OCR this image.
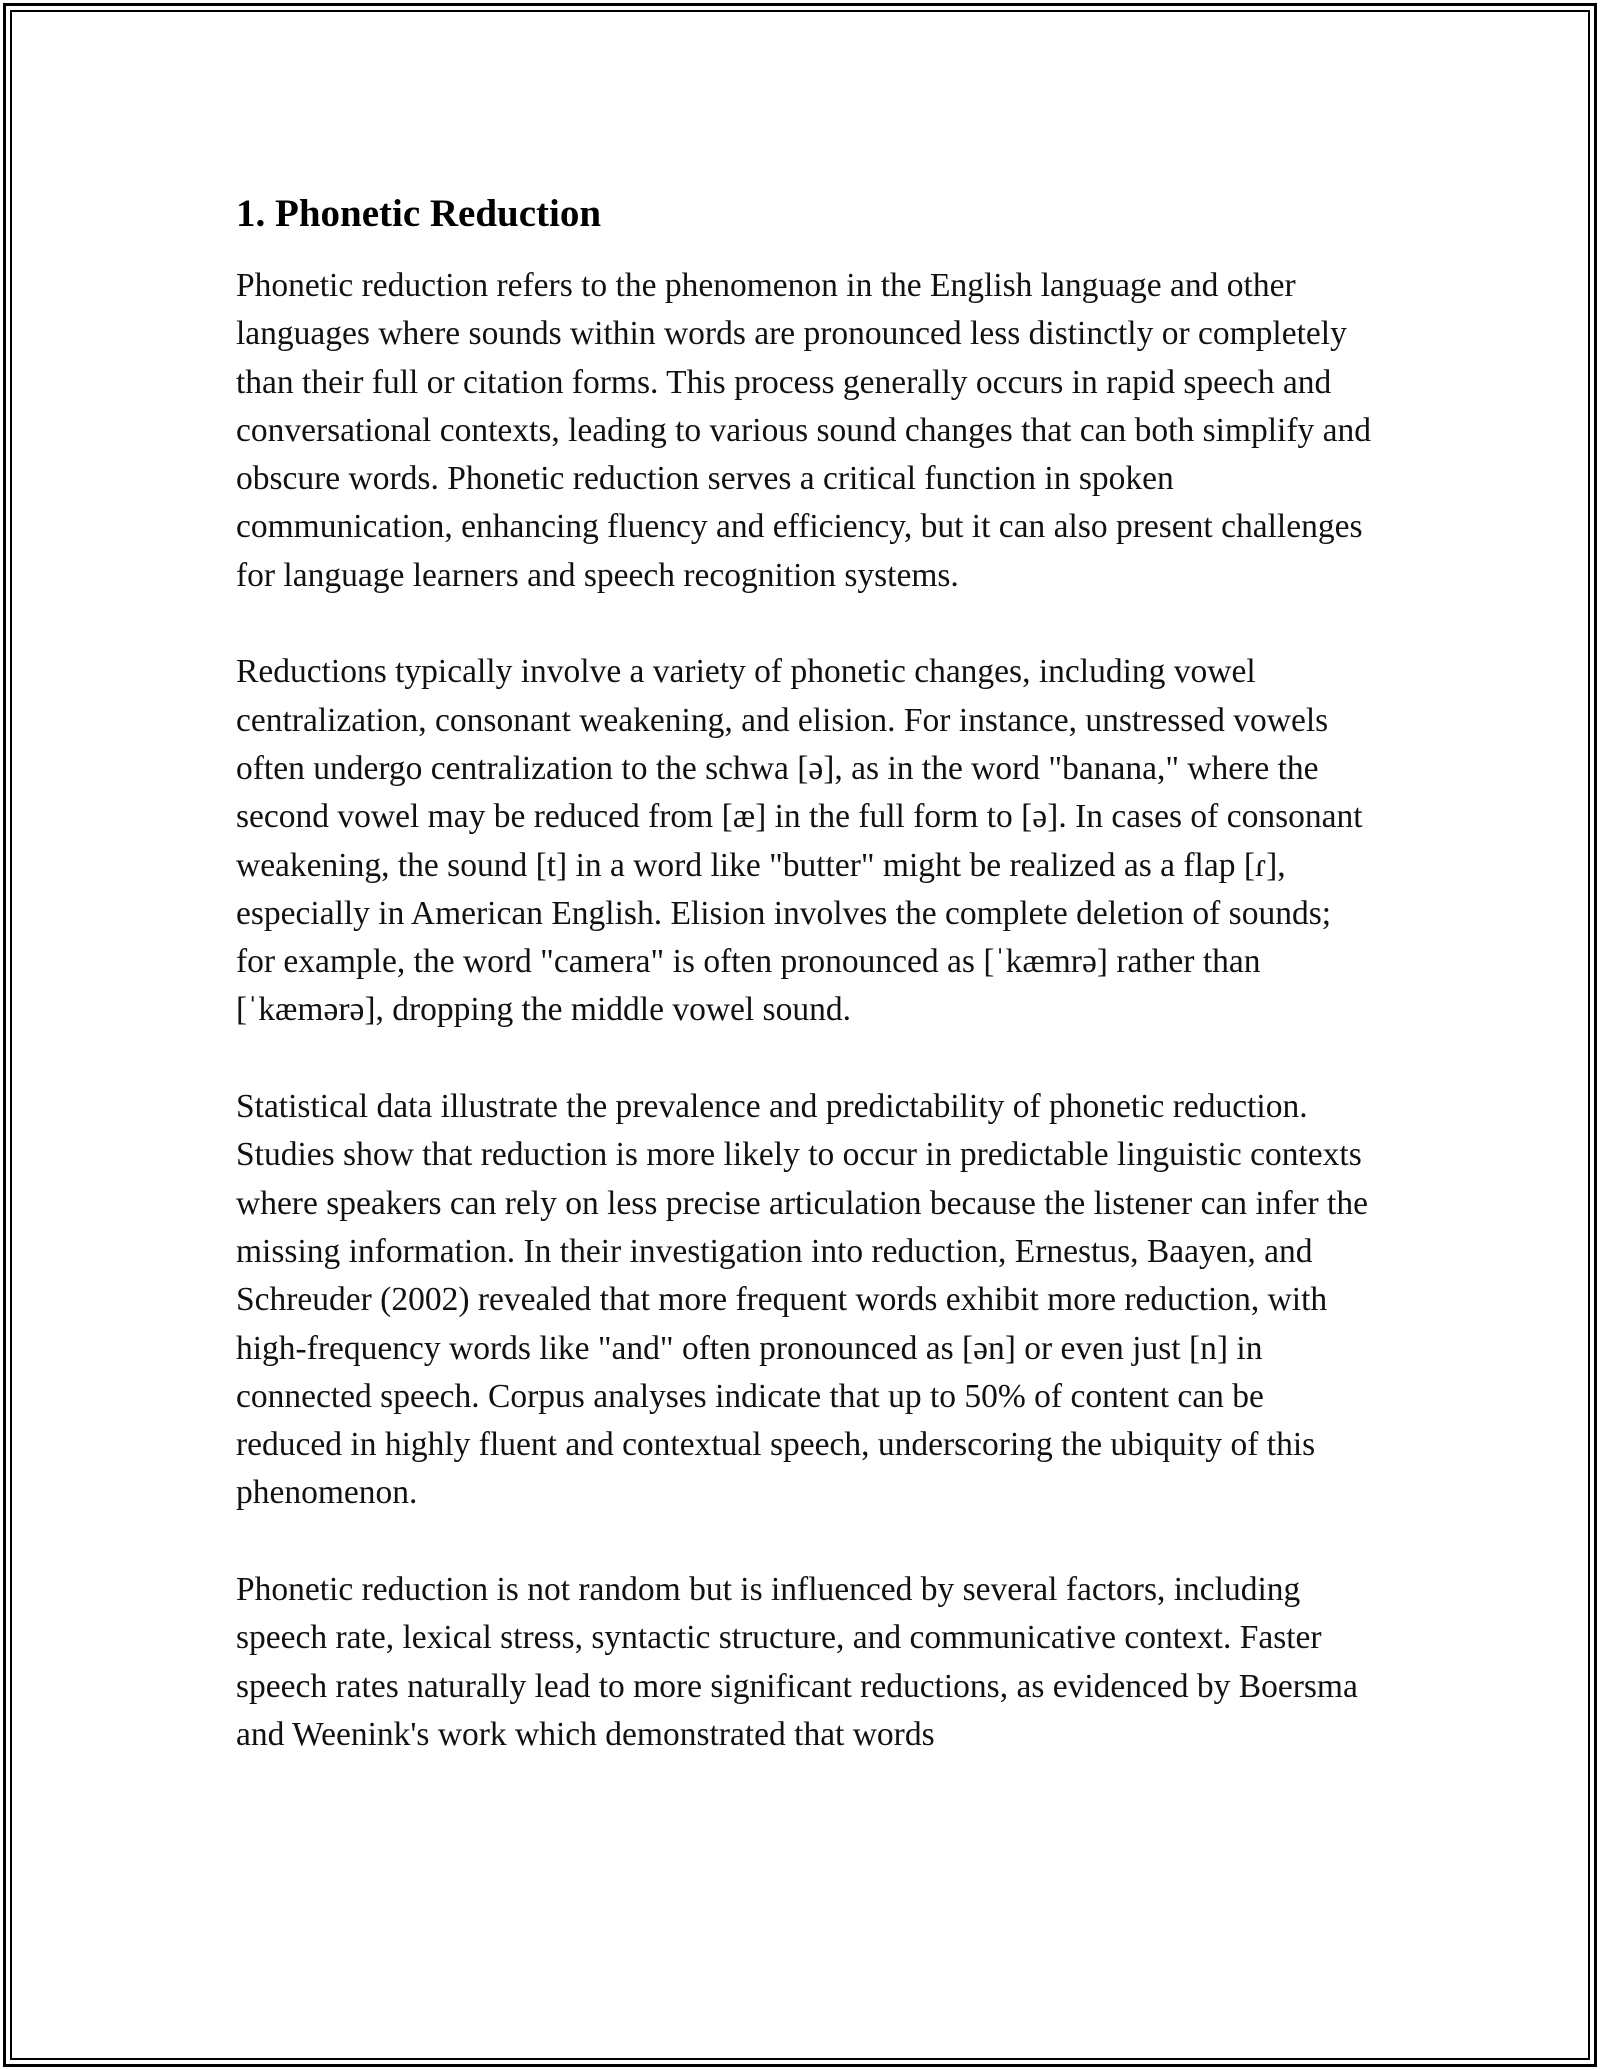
1. Phonetic Reduction

Phonetic reduction refers to the phenomenon in the English language and other languages where sounds within words are pronounced less distinctly or completely than their full or citation forms. This process generally occurs in rapid speech and conversational contexts, leading to various sound changes that can both simplify and obscure words. Phonetic reduction serves a critical function in spoken communication, enhancing fluency and efficiency, but it can also present challenges for language learners and speech recognition systems.

Reductions typically involve a variety of phonetic changes, including vowel centralization, consonant weakening, and elision. For instance, unstressed vowels often undergo centralization to the schwa [ə], as in the word "banana," where the second vowel may be reduced from [æ] in the full form to [ə]. In cases of consonant weakening, the sound [t] in a word like "butter" might be realized as a flap [ɾ], especially in American English. Elision involves the complete deletion of sounds; for example, the word "camera" is often pronounced as [ˈkæmrə] rather than [ˈkæmərə], dropping the middle vowel sound.

Statistical data illustrate the prevalence and predictability of phonetic reduction. Studies show that reduction is more likely to occur in predictable linguistic contexts where speakers can rely on less precise articulation because the listener can infer the missing information. In their investigation into reduction, Ernestus, Baayen, and Schreuder (2002) revealed that more frequent words exhibit more reduction, with high-frequency words like "and" often pronounced as [ən] or even just [n] in connected speech. Corpus analyses indicate that up to 50% of content can be reduced in highly fluent and contextual speech, underscoring the ubiquity of this phenomenon.

Phonetic reduction is not random but is influenced by several factors, including speech rate, lexical stress, syntactic structure, and communicative context. Faster speech rates naturally lead to more significant reductions, as evidenced by Boersma and Weenink's work which demonstrated that words
